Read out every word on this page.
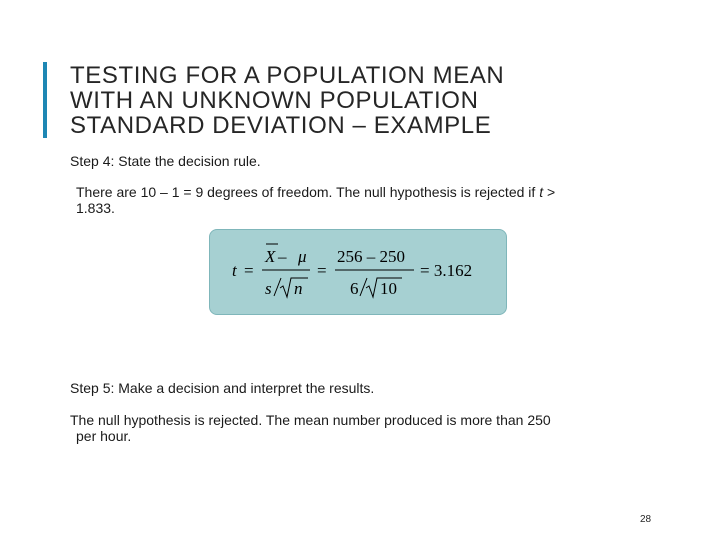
TESTING FOR A POPULATION MEAN
WITH AN UNKNOWN POPULATION
STANDARD DEVIATION – EXAMPLE
Step 4: State the decision rule.
There are 10 – 1 = 9 degrees of freedom. The null hypothesis is rejected if t >
1.833.
t =
X – μ
s n
=
256 – 250
6 10
= 3.162
Step 5: Make a decision and interpret the results.
The null hypothesis is rejected. The mean number produced is more than 250
per hour.
28
